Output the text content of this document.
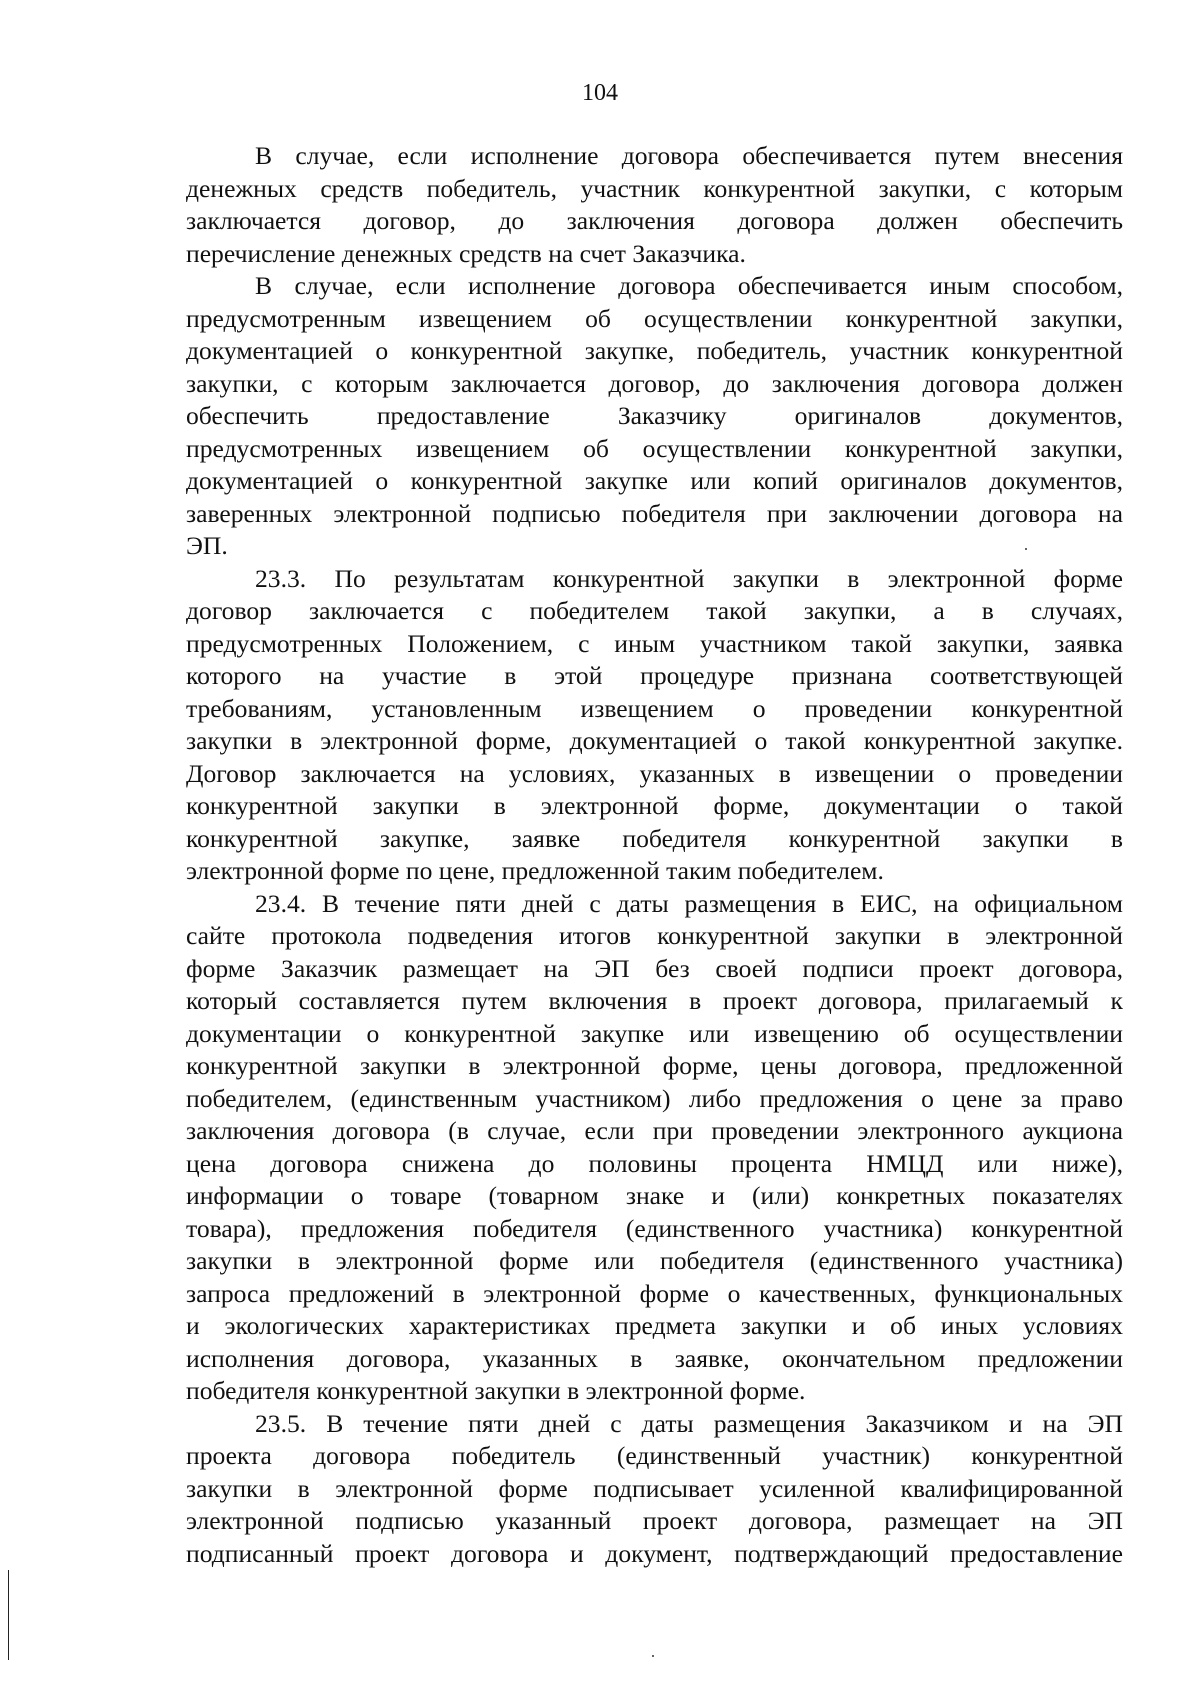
104
В случае, если исполнение договора обеспечивается путем внесения
денежных средств победитель, участник конкурентной закупки, с которым
заключается договор, до заключения договора должен обеспечить
перечисление денежных средств на счет Заказчика.
В случае, если исполнение договора обеспечивается иным способом,
предусмотренным извещением об осуществлении конкурентной закупки,
документацией о конкурентной закупке, победитель, участник конкурентной
закупки, с которым заключается договор, до заключения договора должен
обеспечить предоставление Заказчику оригиналов документов,
предусмотренных извещением об осуществлении конкурентной закупки,
документацией о конкурентной закупке или копий оригиналов документов,
заверенных электронной подписью победителя при заключении договора на
ЭП.
23.3. По результатам конкурентной закупки в электронной форме
договор заключается с победителем такой закупки, а в случаях,
предусмотренных Положением, с иным участником такой закупки, заявка
которого на участие в этой процедуре признана соответствующей
требованиям, установленным извещением о проведении конкурентной
закупки в электронной форме, документацией о такой конкурентной закупке.
Договор заключается на условиях, указанных в извещении о проведении
конкурентной закупки в электронной форме, документации о такой
конкурентной закупке, заявке победителя конкурентной закупки в
электронной форме по цене, предложенной таким победителем.
23.4. В течение пяти дней с даты размещения в ЕИС, на официальном
сайте протокола подведения итогов конкурентной закупки в электронной
форме Заказчик размещает на ЭП без своей подписи проект договора,
который составляется путем включения в проект договора, прилагаемый к
документации о конкурентной закупке или извещению об осуществлении
конкурентной закупки в электронной форме, цены договора, предложенной
победителем, (единственным участником) либо предложения о цене за право
заключения договора (в случае, если при проведении электронного аукциона
цена договора снижена до половины процента НМЦД или ниже),
информации о товаре (товарном знаке и (или) конкретных показателях
товара), предложения победителя (единственного участника) конкурентной
закупки в электронной форме или победителя (единственного участника)
запроса предложений в электронной форме о качественных, функциональных
и экологических характеристиках предмета закупки и об иных условиях
исполнения договора, указанных в заявке, окончательном предложении
победителя конкурентной закупки в электронной форме.
23.5. В течение пяти дней с даты размещения Заказчиком и на ЭП
проекта договора победитель (единственный участник) конкурентной
закупки в электронной форме подписывает усиленной квалифицированной
электронной подписью указанный проект договора, размещает на ЭП
подписанный проект договора и документ, подтверждающий предоставление
